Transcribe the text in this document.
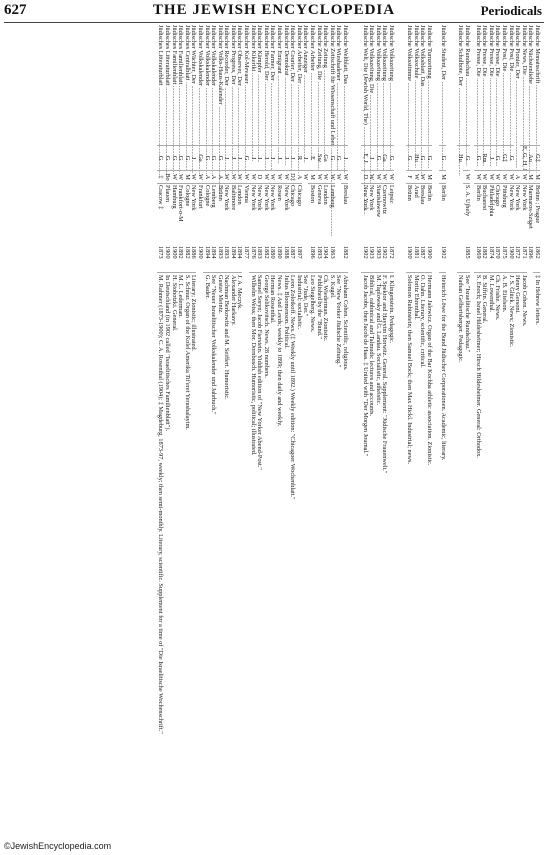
627	THE JEWISH ENCYCLOPEDIA	Periodicals
Jüdische Monatsschrift .....
G‡
M
Brünn ; Prague
1862
‡ In Hebrew letters.
Jüdische Nächstenliebe .....
Au
M
Marmaros-Sziget
1896
Jüdische News, Die .....
E, G, H, J
W
New York
1871
Jacob Cohen. News.
Jüdische Pionier, Der .....
A
New York
1872
Henry Gersoni.
Jüdische Post, Die .....
G
W
New York
1900
J. S. Glück. News; Zionistic.
Jüdische Post, Die .....
G‡
W
Pittsburg
1875
A. B. Eitelson.
Jüdische Presse, Die .....
G
W
Chicago
1870
Ch. Frishe. News.
Jüdische Presse, Die .....
J
W
Philadelphia
1874
M. Lowenthal.
Jüdische Presse, Die .....
Rm
W
Bucharest
1882
B. Siffrin. General.
Jüdische Presse, Die .....
G
W
Berlin
1869
S. Enoch; Israel Hildesheimer; Hirsch Hildesheimer. General: Orthodox.
Jüdische Rundschau .....
G
W
S. A. Ujhely
1885
See "Israelitische Rundschau."
Jüdische Schulbote, Der .....
Hu
Nathan Gelbertsberger. Pedagogic.
Jüdische Student, Der .....
G
M
Berlin
1902
Heinrich Löwe for the Bund Jüdischer Corporationen. Academic, literary.
Jüdische Turnzeitung .....
G
M
Berlin
1900
Hermann Jalowicz. Organ of the Bar Kochba athletic association. Zionistic.
Jüdische Volksblatt, Das .....
G
W
Breslau
1887
O. Dahn. Literary, scientific, critical.
Jüdische Volksschule .....
Hu
W
Arad
1881
Moritz Ehrenthal.
Jüdische Volksstimme .....
G
F
Brünn
1900
Solomon Rubinstein; then Samuel Bock; then Max Hickl. Industrial; news.
Jüdische Volkszeitung .....
G
W
Leipsic
1872
I. Klingenstein. Pedagogic.
Jüdische Volkszeitung .....
Ga
W
Czernowitz
1902
F. Spektor and Ḥayyim Horwitz. General. Supplement: "Jüdische Frauenwelt."
Jüdische Volkszeitung .....
G
W
Stanislawow
1903
M. Taplowsky and G. Landau. Socialistic, atheistic.
Jüdische Volkszeitung, Die .....
J
W
New York
1903
Biblical, rabbinical and Talmudic lectures and accounts.
Jüdische Welt, Die (Jewish World, The) .....
E, J
D
New York
1902
Jacob Jacobs, then Jacob de Haas. ‡ United with "Der Morgen Journal."
Jüdische Weltblatt, Das .....
J
W
Breslau
1882
Abraham Cohen. Scientific, religious.
Jüdische Wiesbadener .....
G
W
See "New Yorker Jüdische Zeitung."
Jüdische Zeitschrift für Wissenschaft und Leben .....
G
W
Lemberg
1863
S. Kugel.
Jüdische Zeitung .....
Ga
W
London
1904
Ch. Wiederman. Zionistic.
Jüdische Zeitung, Die .....
Sw
W
Geneva
1893
Published by the "Bund."
Jüdischer Arbeiter .....
E
M
Boston
1896
Leo Siegelberg. News.
Jüdischer Anzeiger .....
J
W
See "Jude, Der."
Jüdischer Arbeiter, Der .....
R
A
Chicago
1897
Industrial; socialistic.
Jüdischer Courier, Der .....
J
D‡
Chicago
1887
Leon Zolotkoff. News. (‡ Weekly until 1892.) Weekly edition: "Chicagoer Wochenblatt."
Jüdischer Demokrat .....
J
W
New York
1888
Julius Bloomenson. Political.
Jüdischer Emigrant .....
J
W
Rosen
1890
News. ‡ And Leeds; weekly to 1899; then daily and weekly.
Jüdischer Farmer, Der .....
J
W
New York
1880
Herman Rosenthal.
Jüdischer Herold, Der .....
J
W
New York
1882
George Selikovitsch. News. 28 numbers.
Jüdischer Kämpfer .....
J
D
New York
1893
Samuel Soryn; Jacob Fierstein. Yiddish edition of "New Yorker Abend-Post."
Jüdischer Kikeriki .....
J
W
New York
1876
Wilhelm Weiss; then Mor. Dornbusch. Humoristic, political; illustrated.
Jüdischer Kol-Mevaser .....
G
W
Vienna
1877
Jüdischer Observer, Der .....
J
W
London
1894
J. A. Meczyk.
Jüdischer Progress, Der .....
J
W
Baltimore
1894
Alexander Harkavy.
Jüdischer Recorder, Der .....
J
W
New York
1893
Nachman Berkowitz and M. Seiffert. Humoristic.
Jüdischer Volks-Haus-Kalender .....
G
A
Brünn
1893
Gustav Meintz.
Jüdischer Volkskalender .....
G
A
Lemberg
1894
See "Neuer Israelitischer Volkskalender und Jahrbuch."
Jüdischer Volkskalender .....
G
A
Cologne
1894
G. Bader.
Jüdischer Volkskalender .....
Ga
W
Frankfurt
1900
Jüdischer Wächter, Der .....
J
W
New York
1886
Literary; Zionistic; illustrated.
Jüdisches Centralblatt .....
G
M
Cologne
1882
S. Schnur. Organ of the Kolel Amerika Tif'eret Yerushalayim.
Jüdisches Familienblatt .....
G
W
Frankfort-o-M
1892
M. L. Lederman.
Jüdisches Familienblatt .....
G
W
Hamburg
1900
H. Stobotzki. General.
Jüdisches Litteraturblatt .....
G
Bo
Plauen
1900
In Deutschland (in 1902 called "Israelitisches Familienblatt").
Jüdisches Litteraturblatt .....
G
‡
Cracow ‡
1873
M. Rahmer (1873-1900); C. A. Rosenthal (1904); ‡ Magdeburg, 1873-97, weekly; then semi-monthly. Literary, scientific. Supplement for a time of "Die Israelitische Wochenschrift."
©JewishEncyclopedia.com
